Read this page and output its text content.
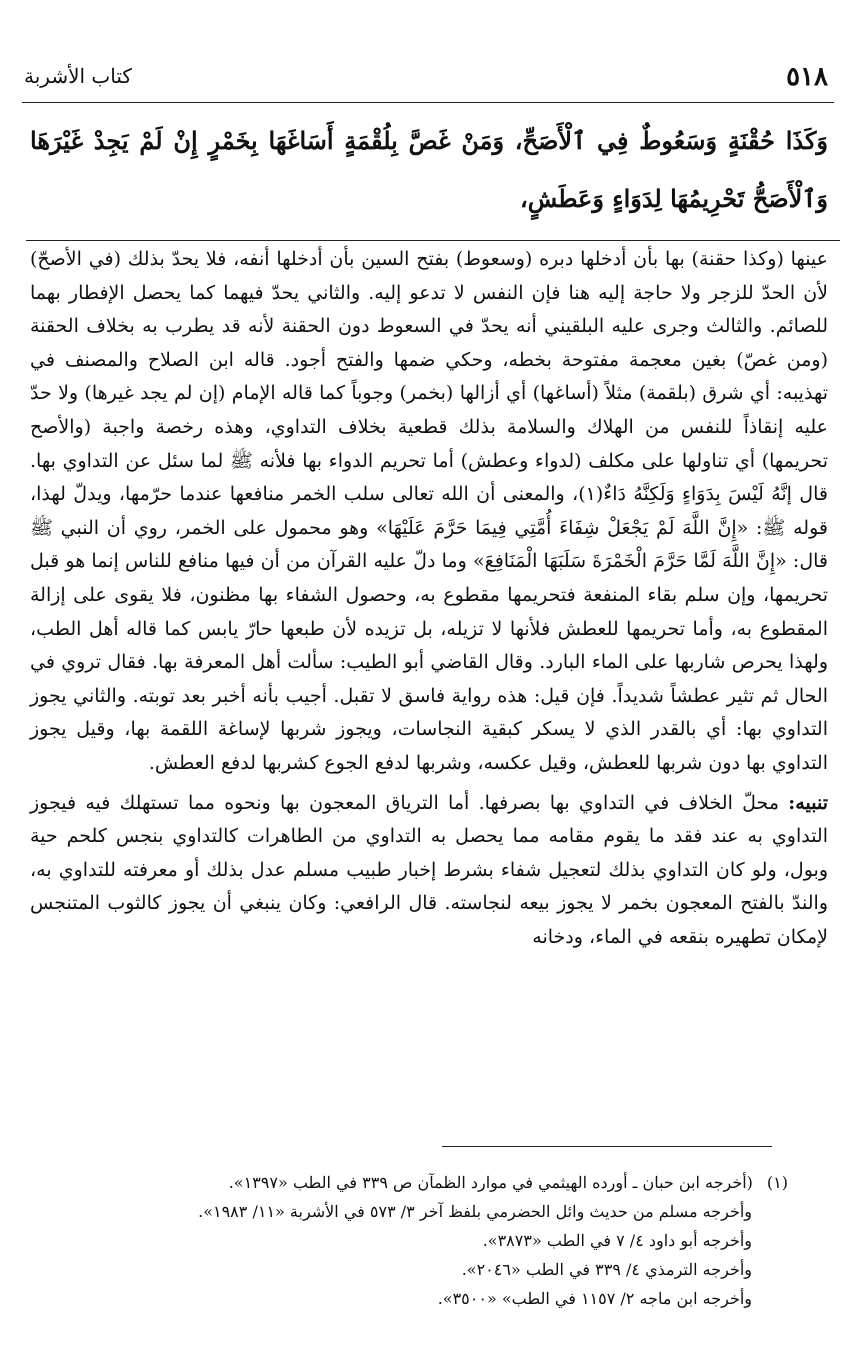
٥١٨
كتاب الأشربة

وَكَذَا حُقْنَةٍ وَسَعُوطٌ فِي ٱلْأَصَحِّ، وَمَنْ غَصَّ بِلُقْمَةٍ أَسَاغَهَا بِخَمْرٍ إِنْ لَمْ يَجِدْ غَيْرَهَا

وَٱلْأَصَحُّ تَحْرِيمُهَا لِدَوَاءٍ وَعَطَشٍ،

عينها (وكذا حقنة) بها بأن أدخلها دبره (وسعوط) بفتح السين بأن أدخلها أنفه، فلا يحدّ بذلك (في الأصحّ) لأن الحدّ للزجر ولا حاجة إليه هنا فإن النفس لا تدعو إليه. والثاني يحدّ فيهما كما يحصل الإفطار بهما للصائم. والثالث وجرى عليه البلقيني أنه يحدّ في السعوط دون الحقنة لأنه قد يطرب به بخلاف الحقنة (ومن غصّ) بغين معجمة مفتوحة بخطه، وحكي ضمها والفتح أجود. قاله ابن الصلاح والمصنف في تهذيبه: أي شرق (بلقمة) مثلاً (أساغها) أي أزالها (بخمر) وجوباً كما قاله الإمام (إن لم يجد غيرها) ولا حدّ عليه إنقاذاً للنفس من الهلاك والسلامة بذلك قطعية بخلاف التداوي، وهذه رخصة واجبة (والأصح تحريمها) أي تناولها على مكلف (لدواء وعطش) أما تحريم الدواء بها فلأنه ﷺ لما سئل عن التداوي بها. قال إنَّهُ لَيْسَ بِدَوَاءٍ وَلَكِنَّهُ دَاءٌ(١)، والمعنى أن الله تعالى سلب الخمر منافعها عندما حرّمها، ويدلّ لهذا، قوله ﷺ: «إِنَّ اللَّهَ لَمْ يَجْعَلْ شِفَاءَ أُمَّتِي فِيمَا حَرَّمَ عَلَيْهَا» وهو محمول على الخمر، روي أن النبي ﷺ قال: «إِنَّ اللَّهَ لَمَّا حَرَّمَ الْخَمْرَةَ سَلَبَهَا الْمَنَافِعَ» وما دلّ عليه القرآن من أن فيها منافع للناس إنما هو قبل تحريمها، وإن سلم بقاء المنفعة فتحريمها مقطوع به، وحصول الشفاء بها مظنون، فلا يقوى على إزالة المقطوع به، وأما تحريمها للعطش فلأنها لا تزيله، بل تزيده لأن طبعها حارّ يابس كما قاله أهل الطب، ولهذا يحرص شاربها على الماء البارد. وقال القاضي أبو الطيب: سألت أهل المعرفة بها. فقال تروي في الحال ثم تثير عطشاً شديداً. فإن قيل: هذه رواية فاسق لا تقبل. أجيب بأنه أخبر بعد توبته. والثاني يجوز التداوي بها: أي بالقدر الذي لا يسكر كبقية النجاسات، ويجوز شربها لإساغة اللقمة بها، وقيل يجوز التداوي بها دون شربها للعطش، وقيل عكسه، وشربها لدفع الجوع كشربها لدفع العطش.

تنبيه: محلّ الخلاف في التداوي بها بصرفها. أما الترياق المعجون بها ونحوه مما تستهلك فيه فيجوز التداوي به عند فقد ما يقوم مقامه مما يحصل به التداوي من الطاهرات كالتداوي بنجس كلحم حية وبول، ولو كان التداوي بذلك لتعجيل شفاء بشرط إخبار طبيب مسلم عدل بذلك أو معرفته للتداوي به، والندّ بالفتح المعجون بخمر لا يجوز بيعه لنجاسته. قال الرافعي: وكان ينبغي أن يجوز كالثوب المتنجس لإمكان تطهيره بنقعه في الماء، ودخانه

(١)
(أخرجه ابن حبان ـ أورده الهيثمي في موارد الظمآن ص ٣٣٩ في الطب «١٣٩٧».
وأخرجه مسلم من حديث وائل الحضرمي بلفظ آخر ٣/ ٥٧٣ في الأشربة «١١/ ١٩٨٣».
وأخرجه أبو داود ٤/ ٧ في الطب «٣٨٧٣».
وأخرجه الترمذي ٤/ ٣٣٩ في الطب «٢٠٤٦».
وأخرجه ابن ماجه ٢/ ١١٥٧ في الطب» «٣٥٠٠».
